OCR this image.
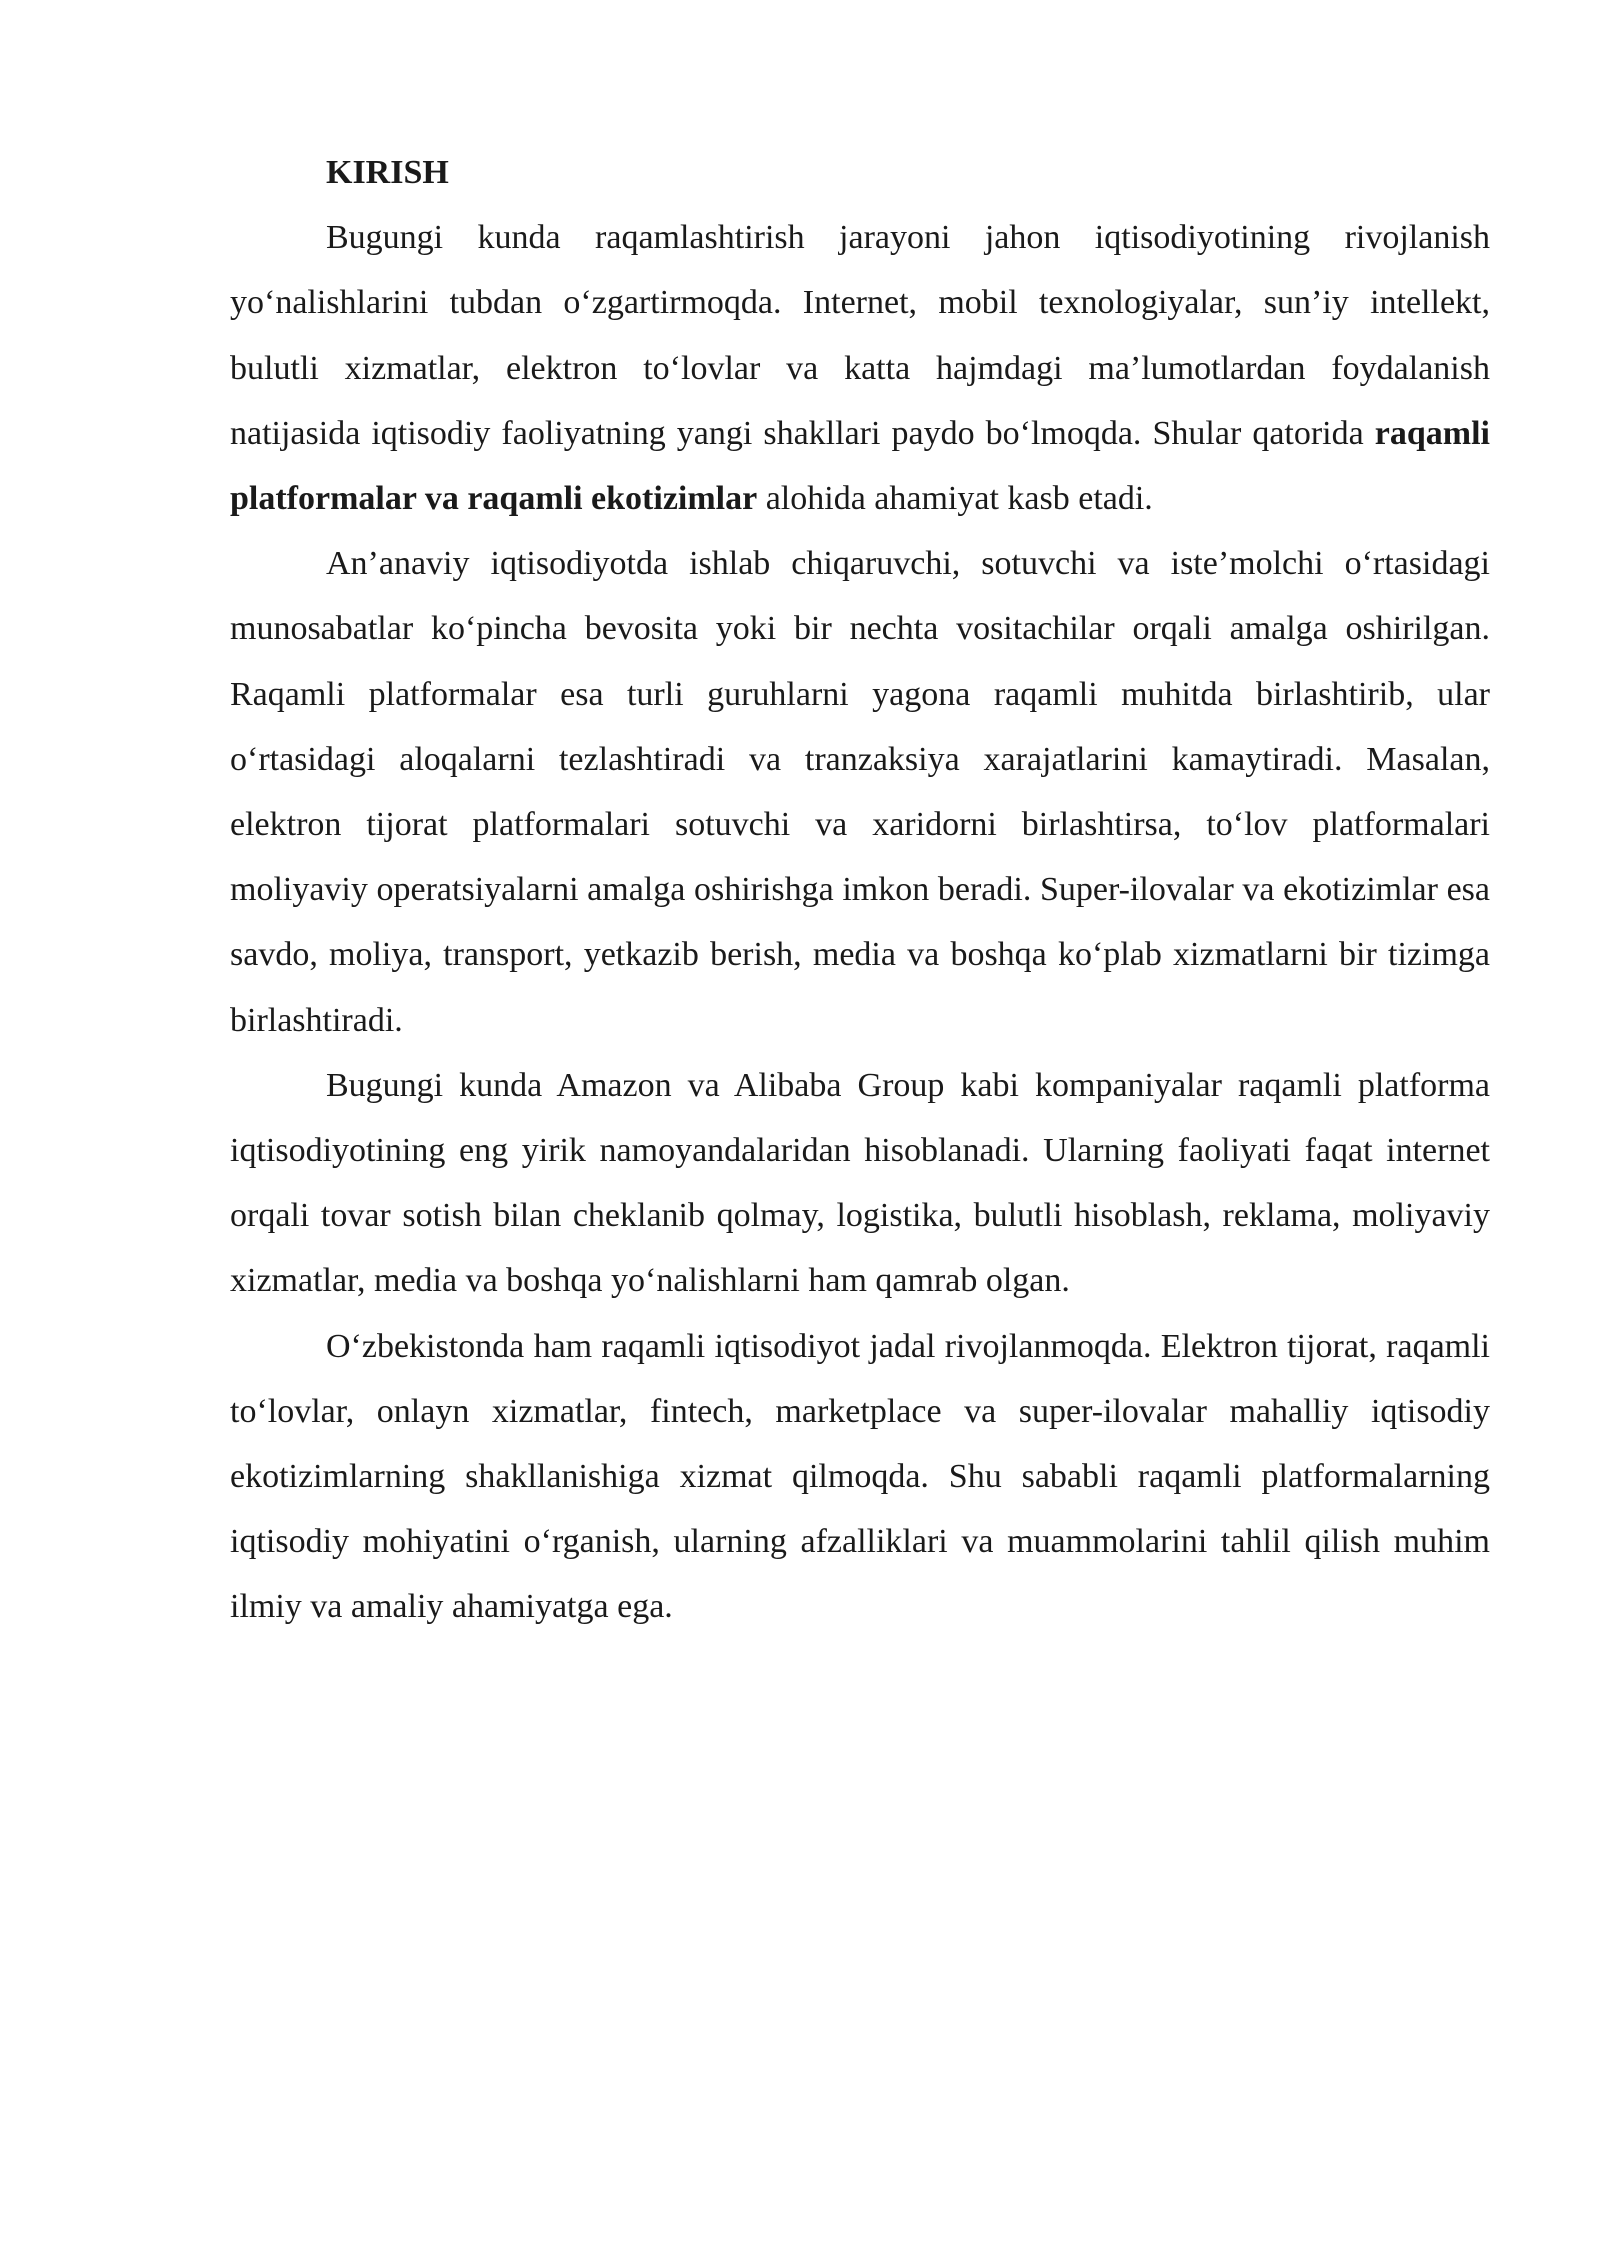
KIRISH

Bugungi kunda raqamlashtirish jarayoni jahon iqtisodiyotining rivojlanish yo‘nalishlarini tubdan o‘zgartirmoqda. Internet, mobil texnologiyalar, sun’iy intellekt, bulutli xizmatlar, elektron to‘lovlar va katta hajmdagi ma’lumotlardan foydalanish natijasida iqtisodiy faoliyatning yangi shakllari paydo bo‘lmoqda. Shular qatorida raqamli platformalar va raqamli ekotizimlar alohida ahamiyat kasb etadi.

An’anaviy iqtisodiyotda ishlab chiqaruvchi, sotuvchi va iste’molchi o‘rtasidagi munosabatlar ko‘pincha bevosita yoki bir nechta vositachilar orqali amalga oshirilgan. Raqamli platformalar esa turli guruhlarni yagona raqamli muhitda birlashtirib, ular o‘rtasidagi aloqalarni tezlashtiradi va tranzaksiya xarajatlarini kamaytiradi. Masalan, elektron tijorat platformalari sotuvchi va xaridorni birlashtirsa, to‘lov platformalari moliyaviy operatsiyalarni amalga oshirishga imkon beradi. Super-ilovalar va ekotizimlar esa savdo, moliya, transport, yetkazib berish, media va boshqa ko‘plab xizmatlarni bir tizimga birlashtiradi.

Bugungi kunda Amazon va Alibaba Group kabi kompaniyalar raqamli platforma iqtisodiyotining eng yirik namoyandalaridan hisoblanadi. Ularning faoliyati faqat internet orqali tovar sotish bilan cheklanib qolmay, logistika, bulutli hisoblash, reklama, moliyaviy xizmatlar, media va boshqa yo‘nalishlarni ham qamrab olgan.

O‘zbekistonda ham raqamli iqtisodiyot jadal rivojlanmoqda. Elektron tijorat, raqamli to‘lovlar, onlayn xizmatlar, fintech, marketplace va super-ilovalar mahalliy iqtisodiy ekotizimlarning shakllanishiga xizmat qilmoqda. Shu sababli raqamli platformalarning iqtisodiy mohiyatini o‘rganish, ularning afzalliklari va muammolarini tahlil qilish muhim ilmiy va amaliy ahamiyatga ega.
